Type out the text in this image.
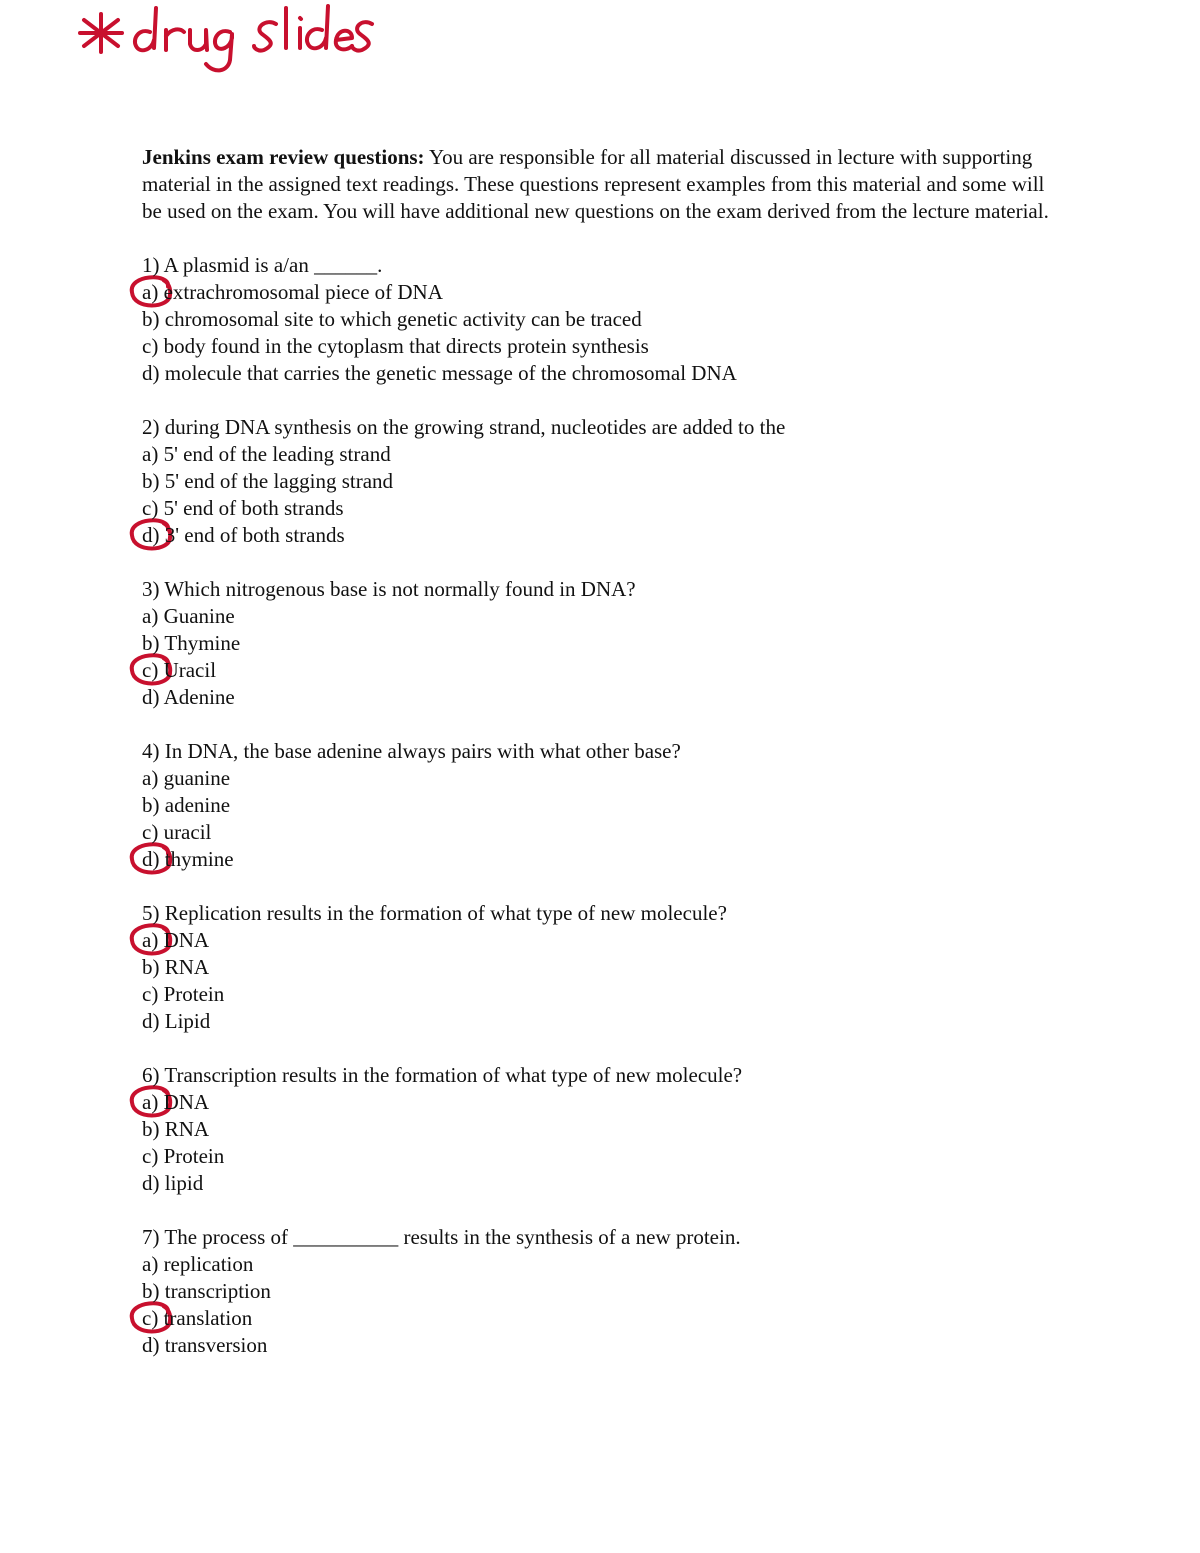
Jenkins exam review questions: You are responsible for all material discussed in lecture with supporting material in the assigned text readings. These questions represent examples from this material and some will be used on the exam. You will have additional new questions on the exam derived from the lecture material.

1) A plasmid is a/an ______.
a) extrachromosomal piece of DNA
b) chromosomal site to which genetic activity can be traced
c) body found in the cytoplasm that directs protein synthesis
d) molecule that carries the genetic message of the chromosomal DNA
2) during DNA synthesis on the growing strand, nucleotides are added to the
a) 5' end of the leading strand
b) 5' end of the lagging strand
c) 5' end of both strands
d) 3' end of both strands
3) Which nitrogenous base is not normally found in DNA?
a) Guanine
b) Thymine
c) Uracil
d) Adenine
4) In DNA, the base adenine always pairs with what other base?
a) guanine
b) adenine
c) uracil
d) thymine
5) Replication results in the formation of what type of new molecule?
a) DNA
b) RNA
c) Protein
d) Lipid
6) Transcription results in the formation of what type of new molecule?
a) DNA
b) RNA
c) Protein
d) lipid
7) The process of __________ results in the synthesis of a new protein.
a) replication
b) transcription
c) translation
d) transversion
